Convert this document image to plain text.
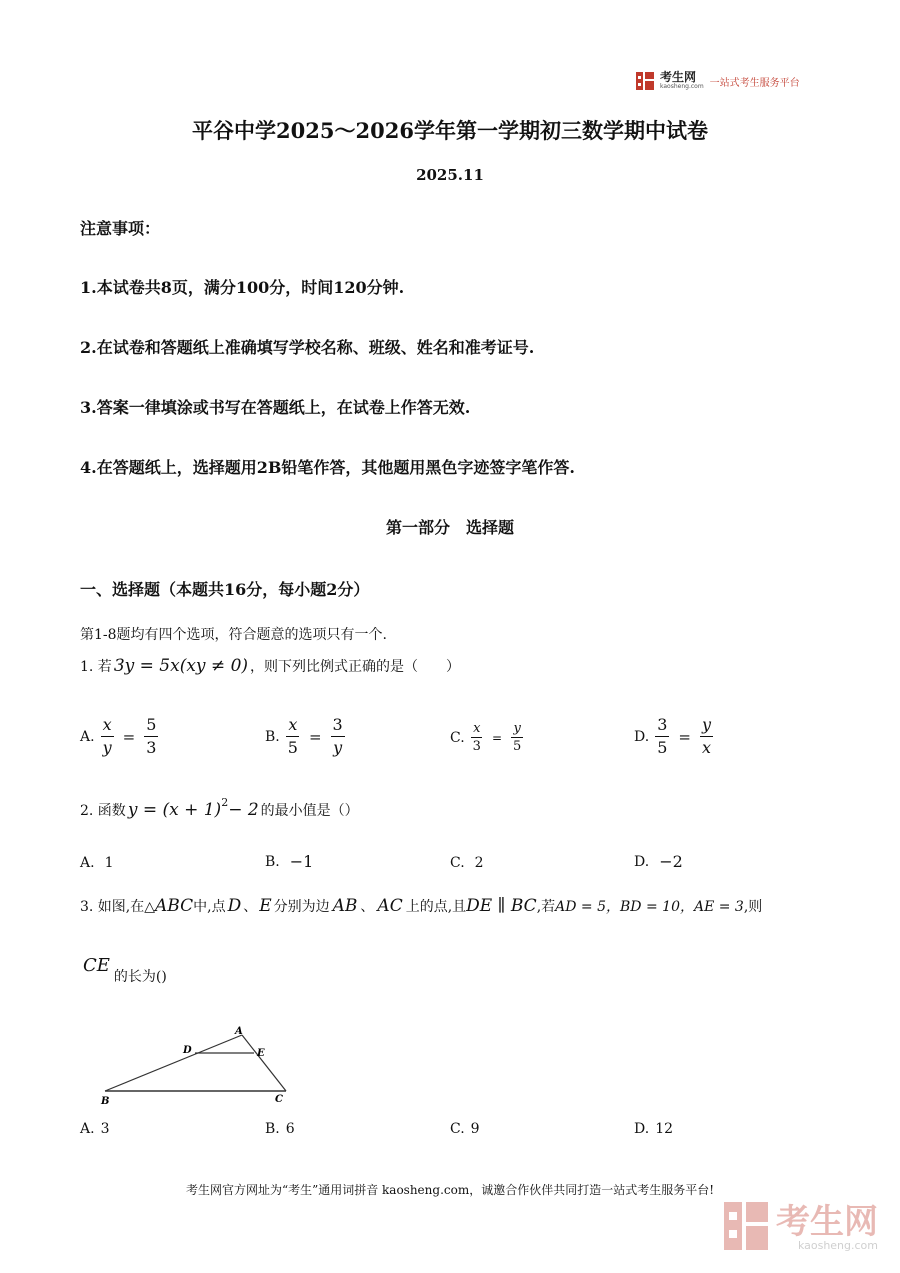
考生网
kaosheng.com 一站式考生服务平台
平谷中学2025～2026学年第一学期初三数学期中试卷
2025.11
注意事项：
1.本试卷共8页，满分100分，时间120分钟.
2.在试卷和答题纸上准确填写学校名称、班级、姓名和准考证号.
3.答案一律填涂或书写在答题纸上，在试卷上作答无效.
4.在答题纸上，选择题用2B铅笔作答，其他题用黑色字迹签字笔作答.
第一部分　选择题
一、选择题（本题共16分，每小题2分）
第1-8题均有四个选项，符合题意的选项只有一个.
1. 若 3y = 5x(xy ≠ 0) ，则下列比例式正确的是（　　）
A. $\frac{x}{y} = \frac{5}{3}$	B. $\frac{x}{5} = \frac{3}{y}$	C. $\frac{x}{3} = \frac{y}{5}$	D. $\frac{3}{5} = \frac{y}{x}$
2. 函数 $y = (x + 1)^2 - 2$ 的最小值是（）
A. 1	B. −1	C. 2	D. −2
3. 如图,在△ ABC 中,点 D 、 E 分别为边 AB 、 AC 上的点,且 DE ∥ BC ,若 AD = 5，BD = 10，AE = 3 ,则
CE
的长为()
A
D	E
B	C
A. 3	B. 6	C. 9	D. 12
考生网官方网址为“考生”通用词拼音 kaosheng.com，诚邀合作伙伴共同打造一站式考生服务平台!
考生网
kaosheng.com
